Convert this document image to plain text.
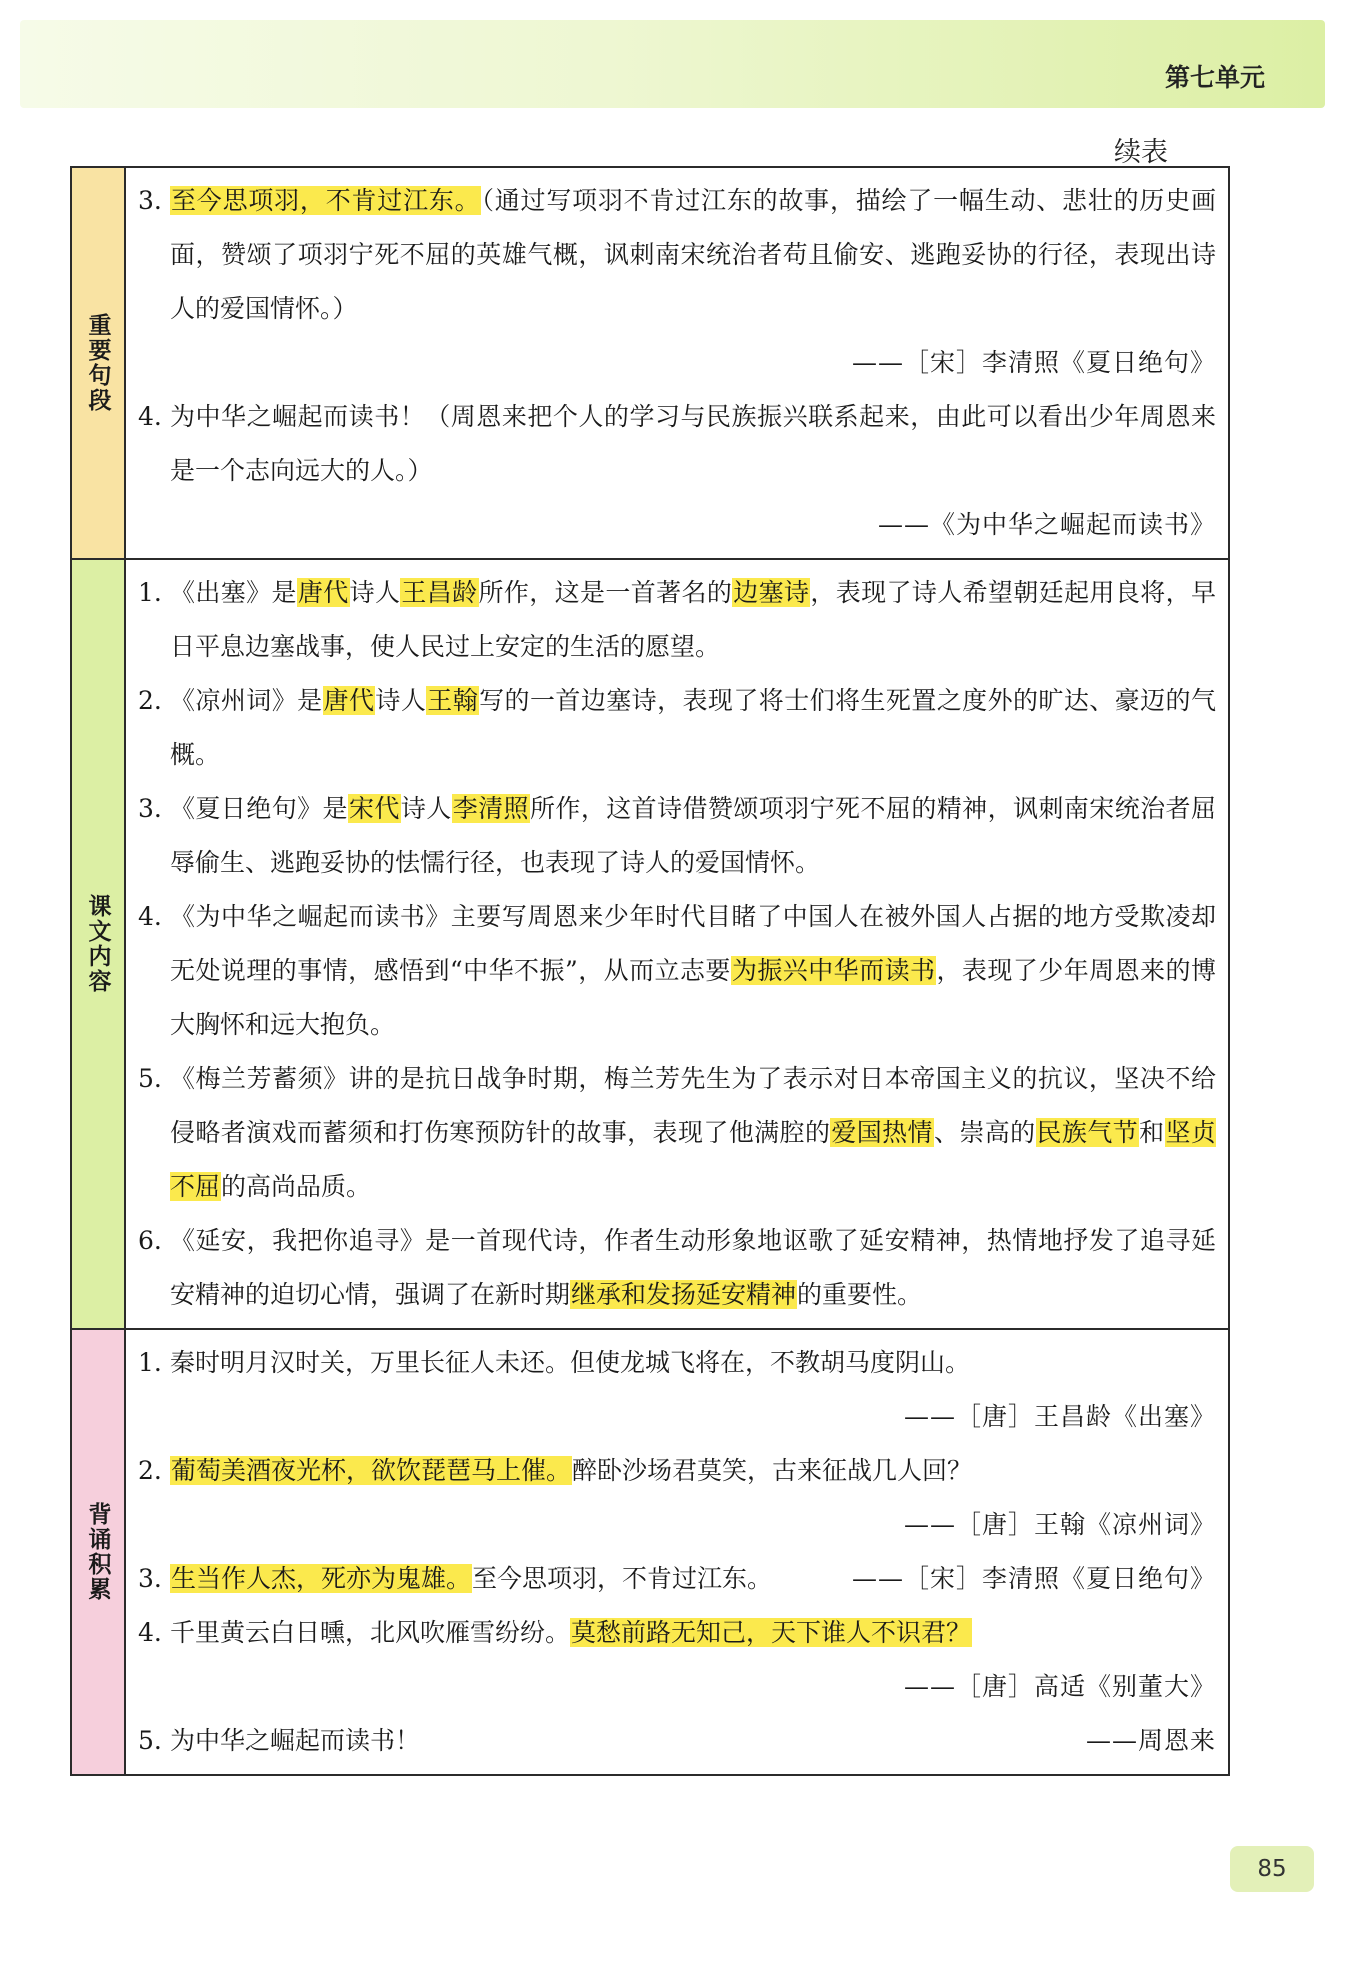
第七单元
续表
重要句段
3. 至今思项羽，不肯过江东。（通过写项羽不肯过江东的故事，描绘了一幅生动、悲壮的历史画面，赞颂了项羽宁死不屈的英雄气概，讽刺南宋统治者苟且偷安、逃跑妥协的行径，表现出诗人的爱国情怀。）
——［宋］李清照《夏日绝句》
4. 为中华之崛起而读书！（周恩来把个人的学习与民族振兴联系起来，由此可以看出少年周恩来是一个志向远大的人。）
——《为中华之崛起而读书》
课文内容
1. 《出塞》是唐代诗人王昌龄所作，这是一首著名的边塞诗，表现了诗人希望朝廷起用良将，早日平息边塞战事，使人民过上安定的生活的愿望。
2. 《凉州词》是唐代诗人王翰写的一首边塞诗，表现了将士们将生死置之度外的旷达、豪迈的气概。
3. 《夏日绝句》是宋代诗人李清照所作，这首诗借赞颂项羽宁死不屈的精神，讽刺南宋统治者屈辱偷生、逃跑妥协的怯懦行径，也表现了诗人的爱国情怀。
4. 《为中华之崛起而读书》主要写周恩来少年时代目睹了中国人在被外国人占据的地方受欺凌却无处说理的事情，感悟到“中华不振”，从而立志要为振兴中华而读书，表现了少年周恩来的博大胸怀和远大抱负。
5. 《梅兰芳蓄须》讲的是抗日战争时期，梅兰芳先生为了表示对日本帝国主义的抗议，坚决不给侵略者演戏而蓄须和打伤寒预防针的故事，表现了他满腔的爱国热情、崇高的民族气节和坚贞不屈的高尚品质。
6. 《延安，我把你追寻》是一首现代诗，作者生动形象地讴歌了延安精神，热情地抒发了追寻延安精神的迫切心情，强调了在新时期继承和发扬延安精神的重要性。
背诵积累
1. 秦时明月汉时关，万里长征人未还。但使龙城飞将在，不教胡马度阴山。
——［唐］王昌龄《出塞》
2. 葡萄美酒夜光杯，欲饮琵琶马上催。醉卧沙场君莫笑，古来征战几人回？
——［唐］王翰《凉州词》
3.	——［宋］李清照《夏日绝句》
生当作人杰，死亦为鬼雄。至今思项羽，不肯过江东。
4. 千里黄云白日曛，北风吹雁雪纷纷。莫愁前路无知己，天下谁人不识君？
——［唐］高适《别董大》
5.	——周恩来
为中华之崛起而读书！
85
